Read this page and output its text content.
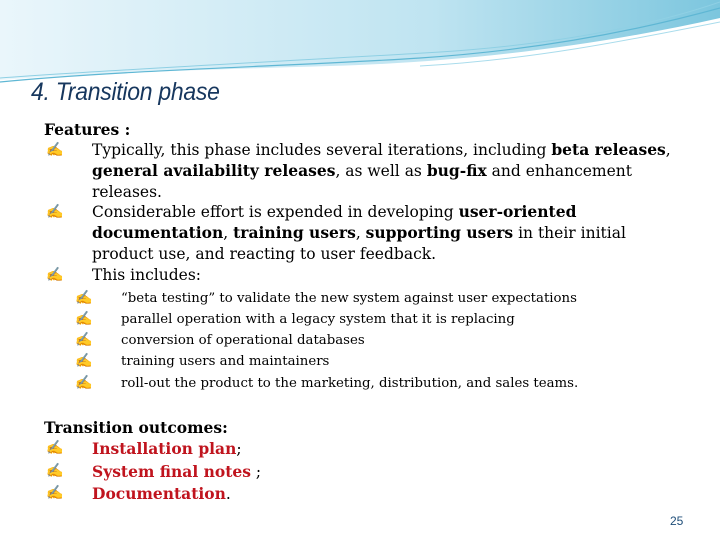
4. Transition phase
Features :
✍ Typically, this phase includes several iterations, including beta releases, general availability releases, as well as bug-fix and enhancement releases.
✍ Considerable effort is expended in developing user-oriented documentation, training users, supporting users in their initial product use, and reacting to user feedback.
✍ This includes:
✍ “beta testing” to validate the new system against user expectations
✍ parallel operation with a legacy system that it is replacing
✍ conversion of operational databases
✍ training users and maintainers
✍ roll-out the product to the marketing, distribution, and sales teams.
Transition outcomes:
✍ Installation plan;
✍ System final notes ;
✍ Documentation.
25
